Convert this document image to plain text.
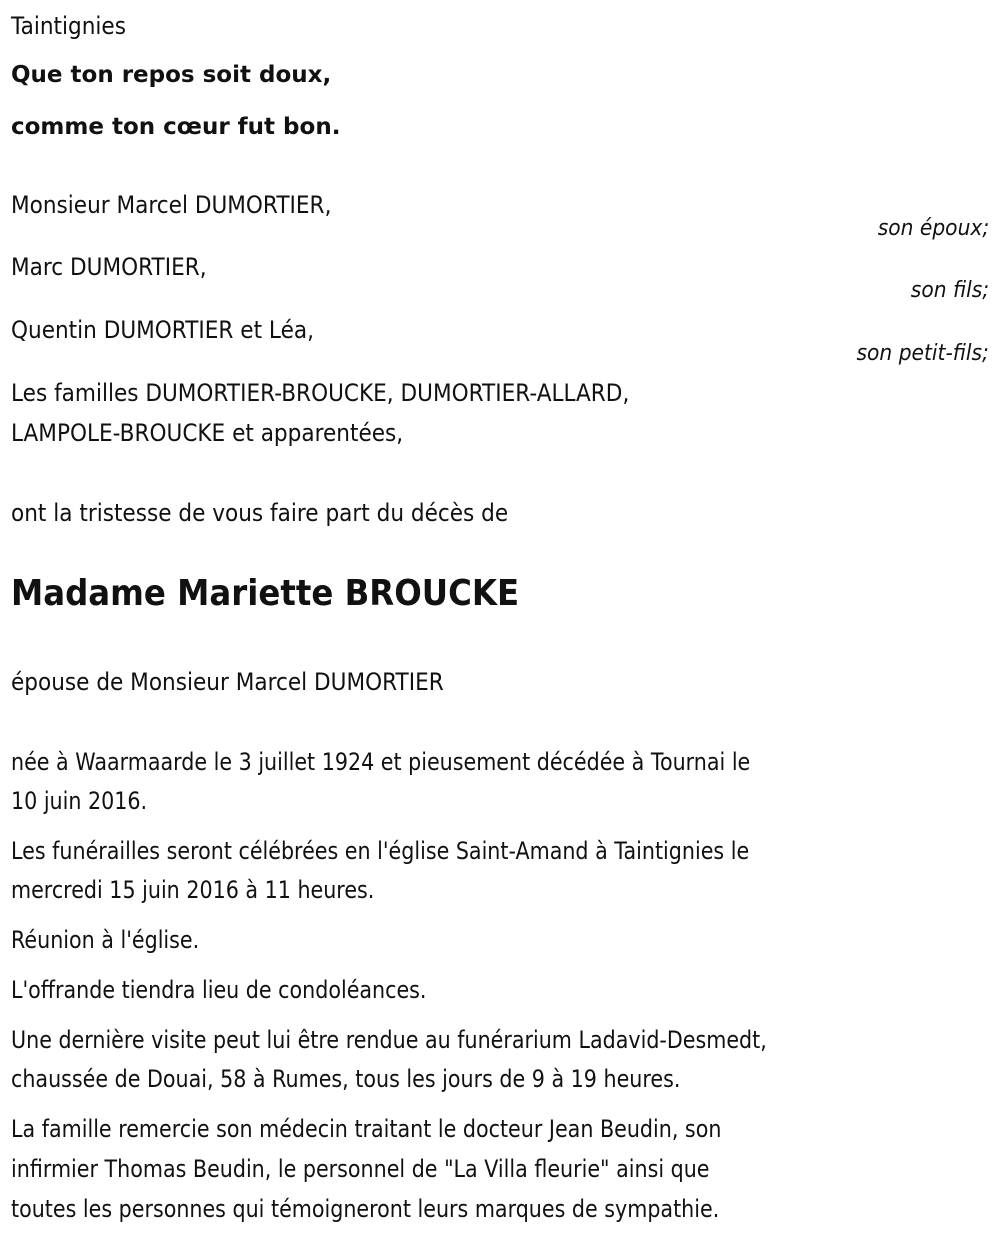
Taintignies
Que ton repos soit doux,
comme ton cœur fut bon.
Monsieur Marcel DUMORTIER,
son époux;
Marc DUMORTIER,
son fils;
Quentin DUMORTIER et Léa,
son petit-fils;
Les familles DUMORTIER-BROUCKE, DUMORTIER-ALLARD,
LAMPOLE-BROUCKE et apparentées,
ont la tristesse de vous faire part du décès de
Madame Mariette BROUCKE
épouse de Monsieur Marcel DUMORTIER
née à Waarmaarde le 3 juillet 1924 et pieusement décédée à Tournai le
10 juin 2016.
Les funérailles seront célébrées en l'église Saint-Amand à Taintignies le
mercredi 15 juin 2016 à 11 heures.
Réunion à l'église.
L'offrande tiendra lieu de condoléances.
Une dernière visite peut lui être rendue au funérarium Ladavid-Desmedt,
chaussée de Douai, 58 à Rumes, tous les jours de 9 à 19 heures.
La famille remercie son médecin traitant le docteur Jean Beudin, son
infirmier Thomas Beudin, le personnel de "La Villa fleurie" ainsi que
toutes les personnes qui témoigneront leurs marques de sympathie.
